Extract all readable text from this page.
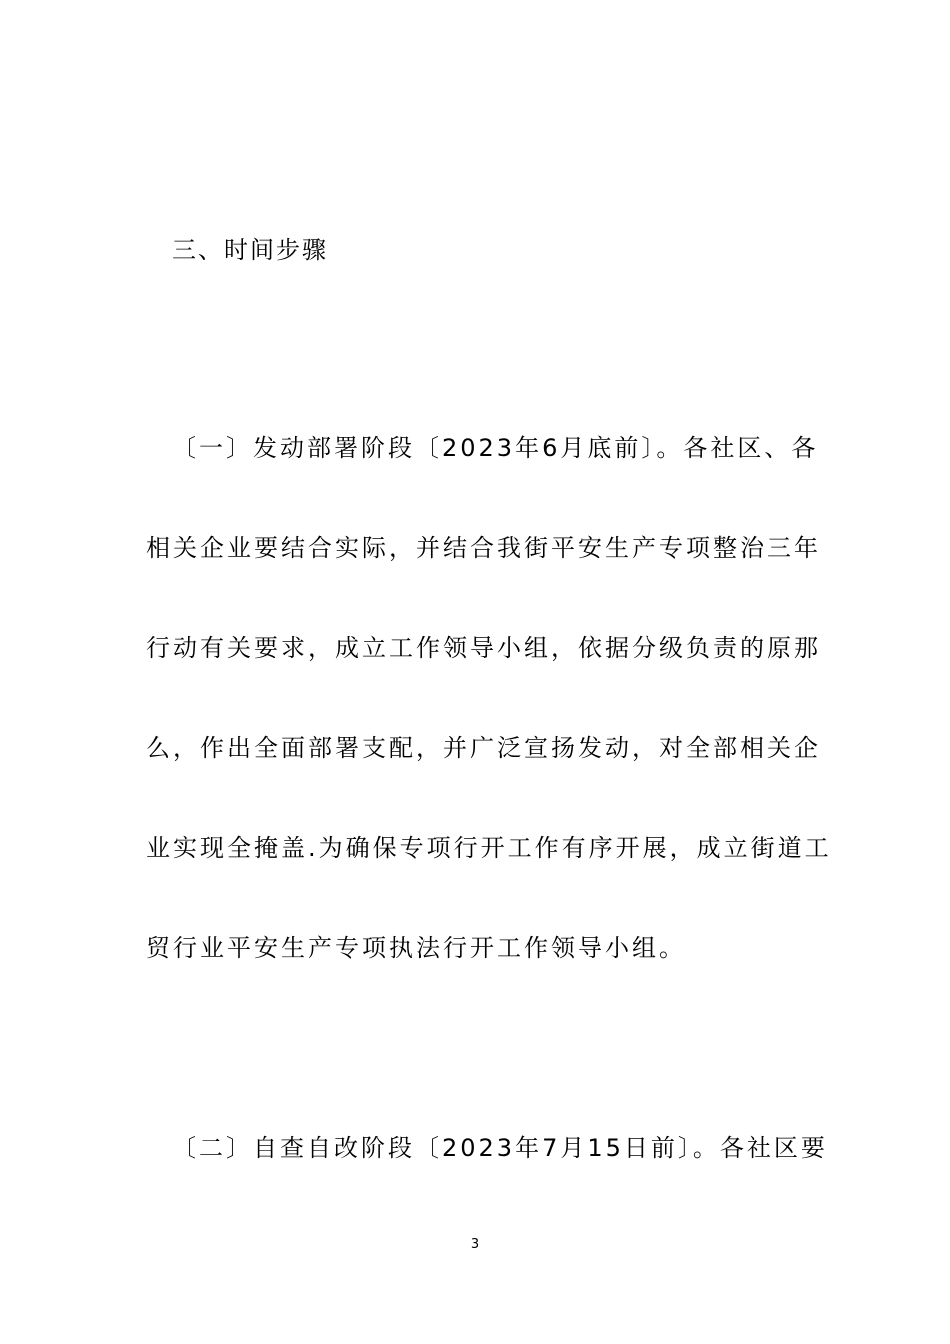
三、时间步骤
〔一〕发动部署阶段〔2023年6月底前〕。各社区、各
相关企业要结合实际，并结合我街平安生产专项整治三年
行动有关要求，成立工作领导小组，依据分级负责的原那
么，作出全面部署支配，并广泛宣扬发动，对全部相关企
业实现全掩盖.为确保专项行开工作有序开展，成立街道工
贸行业平安生产专项执法行开工作领导小组。
〔二〕自查自改阶段〔2023年7月15日前〕。各社区要
3
